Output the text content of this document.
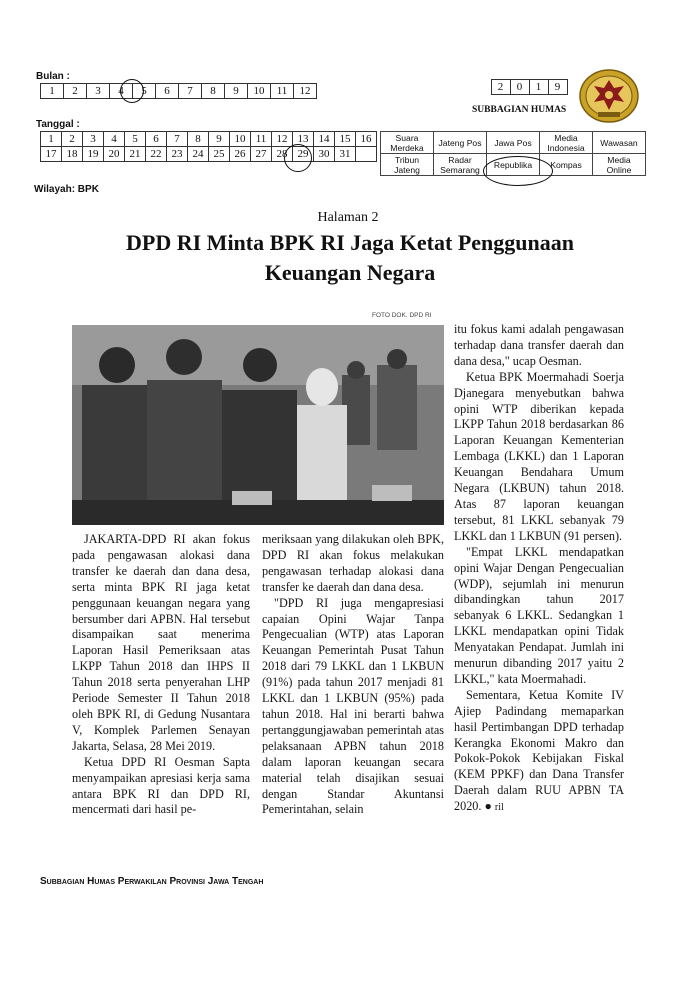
Bulan :
1	2	3	4	5	6	7	8	9	10	11	12
Tanggal :
1	2	3	4	5	6	7	8	9	10	11	12	13	14	15	16
17	18	19	20	21	22	23	24	25	26	27	28	29	30	31	
Wilayah: BPK
2	0	1	9
SUBBAGIAN HUMAS
Suara Merdeka	Jateng Pos	Jawa Pos	Media Indonesia	Wawasan
Tribun Jateng	Radar Semarang	Republika	Kompas	Media Online
Halaman 2
DPD RI Minta BPK RI Jaga Ketat Penggunaan
Keuangan Negara
FOTO DOK. DPD RI

JAKARTA-DPD RI akan fokus pada pengawasan alokasi dana transfer ke daerah dan dana desa, serta minta BPK RI jaga ketat penggunaan keuangan negara yang bersumber dari APBN. Hal tersebut disampaikan saat menerima Laporan Hasil Pemeriksaan atas LKPP Tahun 2018 dan IHPS II Tahun 2018 serta penyerahan LHP Periode Semester II Tahun 2018 oleh BPK RI, di Gedung Nusantara V, Komplek Parlemen Senayan Jakarta, Selasa, 28 Mei 2019.

Ketua DPD RI Oesman Sapta menyampaikan apresiasi kerja sama antara BPK RI dan DPD RI, mencermati dari hasil pe-

meriksaan yang dilakukan oleh BPK, DPD RI akan fokus melakukan pengawasan terhadap alokasi dana transfer ke daerah dan dana desa.

"DPD RI juga mengapresiasi capaian Opini Wajar Tanpa Pengecualian (WTP) atas Laporan Keuangan Pemerintah Pusat Tahun 2018 dari 79 LKKL dan 1 LKBUN (91%) pada tahun 2017 menjadi 81 LKKL dan 1 LKBUN (95%) pada tahun 2018. Hal ini berarti bahwa pertanggungjawaban pemerintah atas pelaksanaan APBN tahun 2018 dalam laporan keuangan secara material telah disajikan sesuai dengan Standar Akuntansi Pemerintahan, selain

itu fokus kami adalah pengawasan terhadap dana transfer daerah dan dana desa," ucap Oesman.

Ketua BPK Moermahadi Soerja Djanegara menyebutkan bahwa opini WTP diberikan kepada LKPP Tahun 2018 berdasarkan 86 Laporan Keuangan Kementerian Lembaga (LKKL) dan 1 Laporan Keuangan Bendahara Umum Negara (LKBUN) tahun 2018. Atas 87 laporan keuangan tersebut, 81 LKKL sebanyak 79 LKKL dan 1 LKBUN (91 persen).

"Empat LKKL mendapatkan opini Wajar Dengan Pengecualian (WDP), sejumlah ini menurun dibandingkan tahun 2017 sebanyak 6 LKKL. Sedangkan 1 LKKL mendapatkan opini Tidak Menyatakan Pendapat. Jumlah ini menurun dibanding 2017 yaitu 2 LKKL," kata Moermahadi.

Sementara, Ketua Komite IV Ajiep Padindang memaparkan hasil Pertimbangan DPD terhadap Kerangka Ekonomi Makro dan Pokok-Pokok Kebijakan Fiskal (KEM PPKF) dan Dana Transfer Daerah dalam RUU APBN TA 2020. ● ril

Subbagian Humas Perwakilan Provinsi Jawa Tengah
